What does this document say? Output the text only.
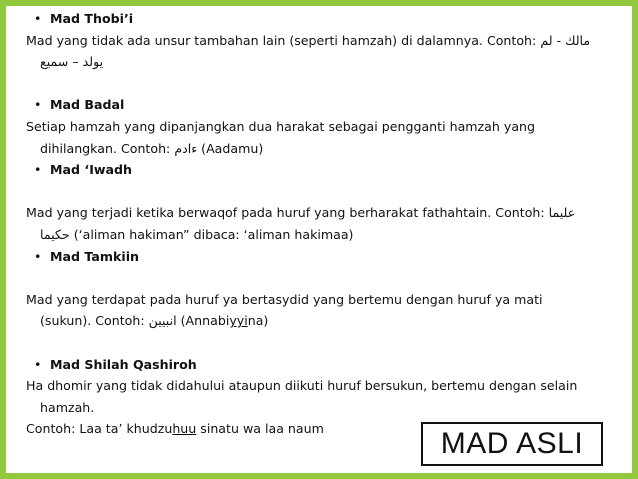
• Mad Thobi’i
Mad yang tidak ada unsur tambahan lain (seperti hamzah) di dalamnya. Contoh: مالك - لم
يولد – سميع
• Mad Badal
Setiap hamzah yang dipanjangkan dua harakat sebagai pengganti hamzah yang
dihilangkan. Contoh: ءادم (Aadamu)
• Mad ‘Iwadh
Mad yang terjadi ketika berwaqof pada huruf yang berharakat fathahtain. Contoh: عليما
حكيما (‘aliman hakiman” dibaca: ‘aliman hakimaa)
• Mad Tamkiin
Mad yang terdapat pada huruf ya bertasydid yang bertemu dengan huruf ya mati
(sukun). Contoh: انبيين (Annabiyyina)
• Mad Shilah Qashiroh
Ha dhomir yang tidak didahului ataupun diikuti huruf bersukun, bertemu dengan selain
hamzah.
Contoh: Laa ta’ khudzuhuu sinatu wa laa naum	MAD ASLI
